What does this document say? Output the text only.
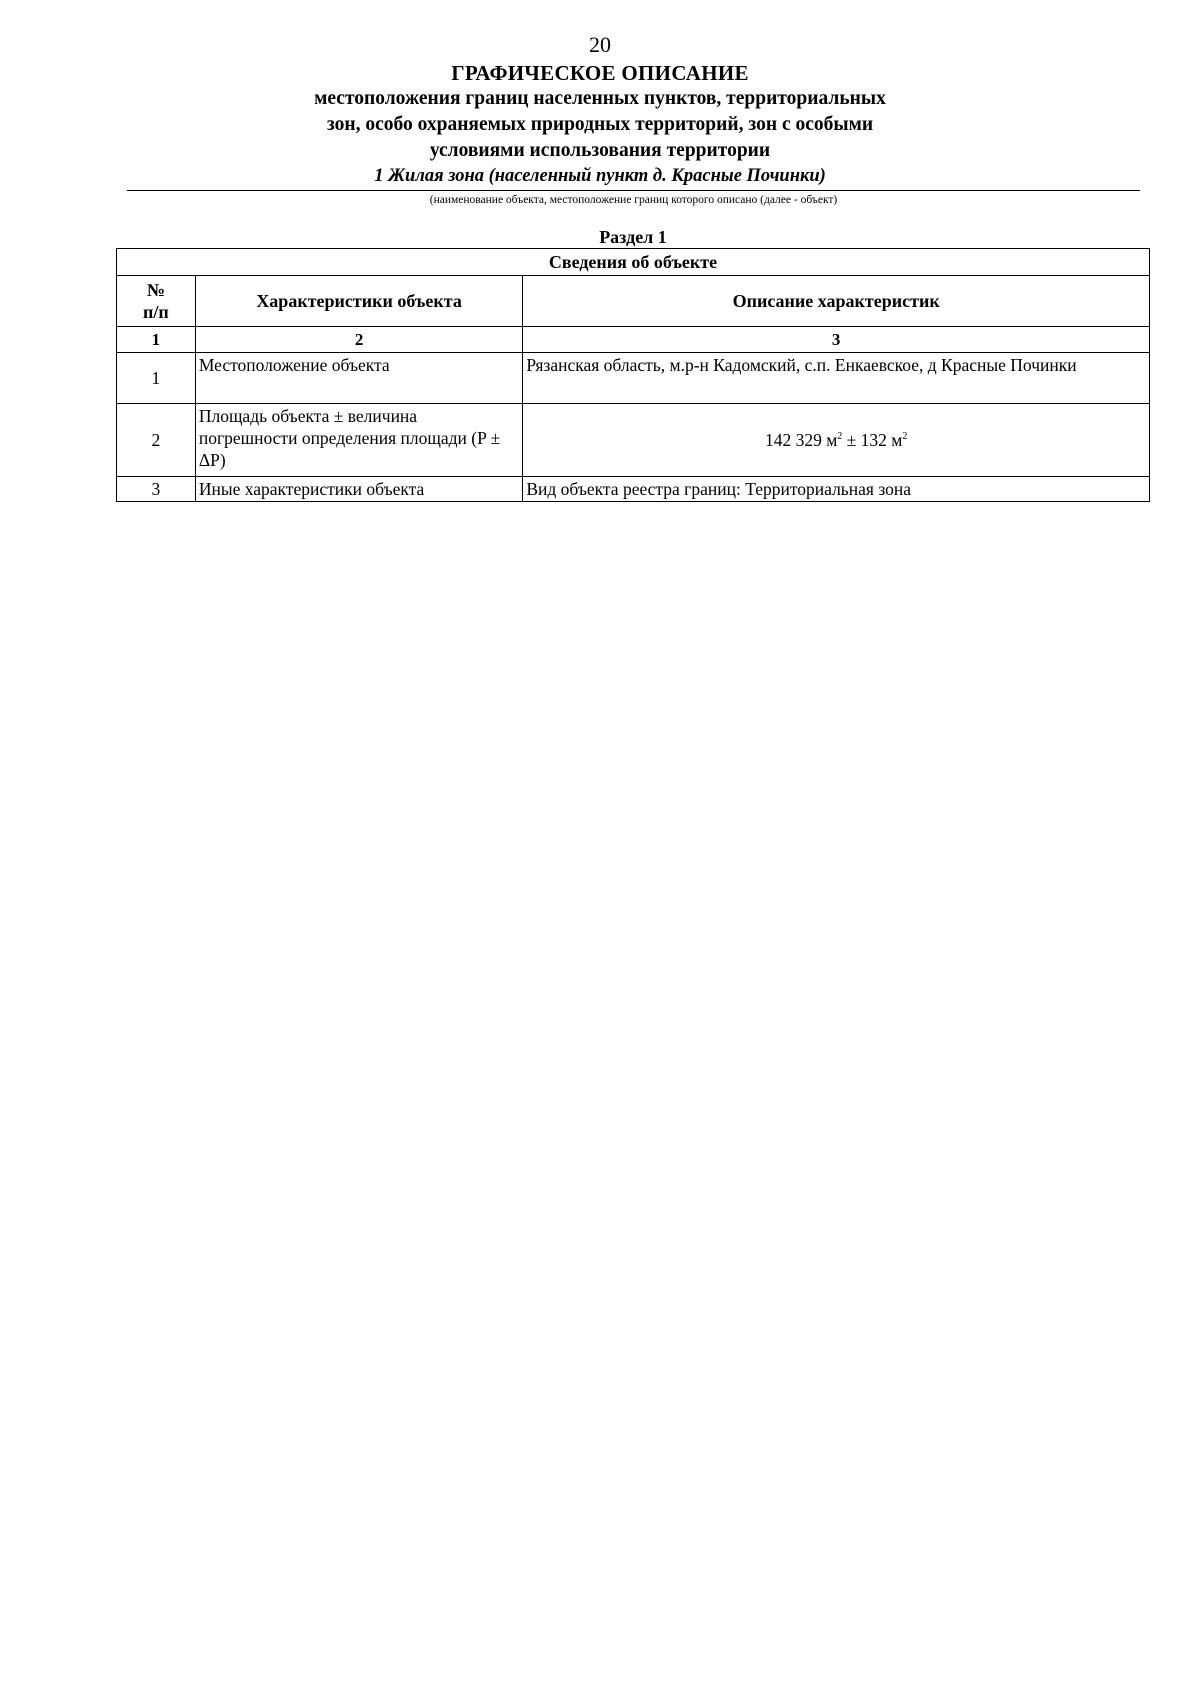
20
ГРАФИЧЕСКОЕ ОПИСАНИЕ
местоположения границ населенных пунктов, территориальных
зон, особо охраняемых природных территорий, зон с особыми
условиями использования территории
1 Жилая зона (населенный пункт д. Красные Починки)
(наименование объекта, местоположение границ которого описано (далее - объект)
Раздел 1
Сведения об объекте		

№
п/п	Характеристики объекта	Описание характеристик
1	2	3
1	Местоположение объекта	Рязанская область, м.р-н Кадомский, с.п. Енкаевское, д Красные Починки
2	Площадь объекта ± величина погрешности определения площади (P ± ΔP)	142 329 $м^2 \pm 132$ $м^2$
3	Иные характеристики объекта	Вид объекта реестра границ: Территориальная зона
